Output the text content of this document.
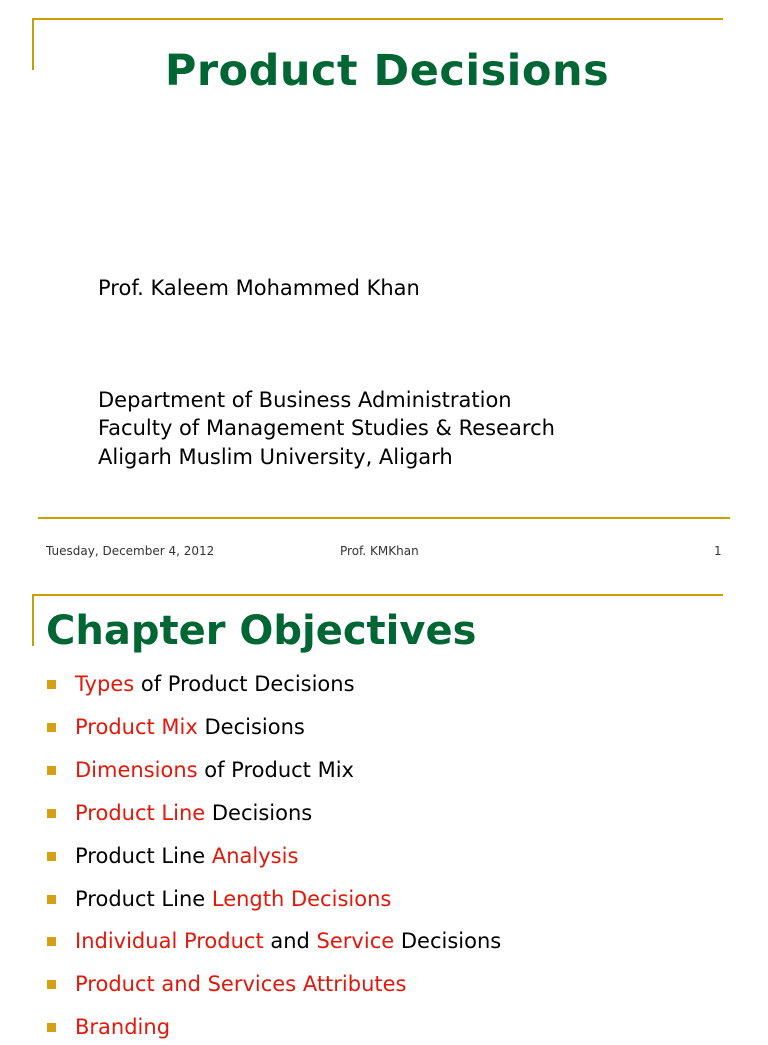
Product Decisions
Prof. Kaleem Mohammed Khan
Department of Business Administration
Faculty of Management Studies & Research
Aligarh Muslim University, Aligarh
Tuesday, December 4, 2012	Prof. KMKhan	1
Chapter Objectives
Types of Product Decisions
Product Mix Decisions
Dimensions of Product Mix
Product Line Decisions
Product Line Analysis
Product Line Length Decisions
Individual Product and Service Decisions
Product and Services Attributes
Branding
